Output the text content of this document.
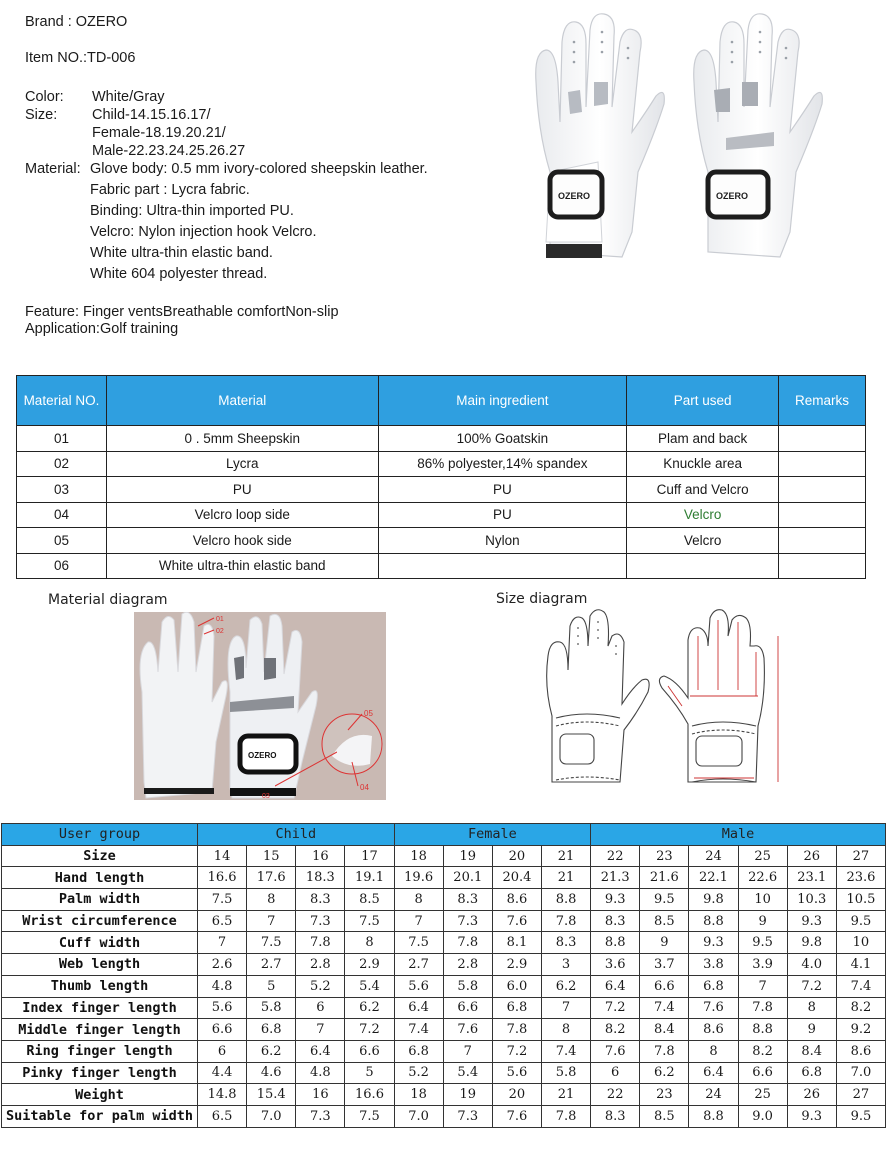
Brand : OZERO
Item NO.:TD-006
Color: White/Gray
Size: Child-14.15.16.17/
Female-18.19.20.21/
Male-22.23.24.25.26.27
Material: Glove body: 0.5 mm ivory-colored sheepskin leather.
Fabric part : Lycra fabric.
Binding: Ultra-thin imported PU.
Velcro: Nylon injection hook Velcro.
White ultra-thin elastic band.
White 604 polyester thread.
Feature: Finger ventsBreathable comfortNon-slip
Application:Golf training
OZERO	OZERO
Material NO.	Material	Main ingredient	Part used	Remarks
01	0 . 5mm Sheepskin	100% Goatskin	Plam and back	
02	Lycra	86% polyester,14% spandex	Knuckle area	
03	PU	PU	Cuff and Velcro	
04	Velcro loop side	PU	Velcro	
05	Velcro hook side	Nylon	Velcro	
06	White ultra-thin elastic band			
Material diagram	Size diagram
OZERO
01
02
03
05
04
User group	Child				Female				Male					
Size	14	15	16	17	18	19	20	21	22	23	24	25	26	27
Hand length	16.6	17.6	18.3	19.1	19.6	20.1	20.4	21	21.3	21.6	22.1	22.6	23.1	23.6
Palm width	7.5	8	8.3	8.5	8	8.3	8.6	8.8	9.3	9.5	9.8	10	10.3	10.5
Wrist circumference	6.5	7	7.3	7.5	7	7.3	7.6	7.8	8.3	8.5	8.8	9	9.3	9.5
Cuff width	7	7.5	7.8	8	7.5	7.8	8.1	8.3	8.8	9	9.3	9.5	9.8	10
Web length	2.6	2.7	2.8	2.9	2.7	2.8	2.9	3	3.6	3.7	3.8	3.9	4.0	4.1
Thumb length	4.8	5	5.2	5.4	5.6	5.8	6.0	6.2	6.4	6.6	6.8	7	7.2	7.4
Index finger length	5.6	5.8	6	6.2	6.4	6.6	6.8	7	7.2	7.4	7.6	7.8	8	8.2
Middle finger length	6.6	6.8	7	7.2	7.4	7.6	7.8	8	8.2	8.4	8.6	8.8	9	9.2
Ring finger length	6	6.2	6.4	6.6	6.8	7	7.2	7.4	7.6	7.8	8	8.2	8.4	8.6
Pinky finger length	4.4	4.6	4.8	5	5.2	5.4	5.6	5.8	6	6.2	6.4	6.6	6.8	7.0
Weight	14.8	15.4	16	16.6	18	19	20	21	22	23	24	25	26	27
Suitable for palm width	6.5	7.0	7.3	7.5	7.0	7.3	7.6	7.8	8.3	8.5	8.8	9.0	9.3	9.5
